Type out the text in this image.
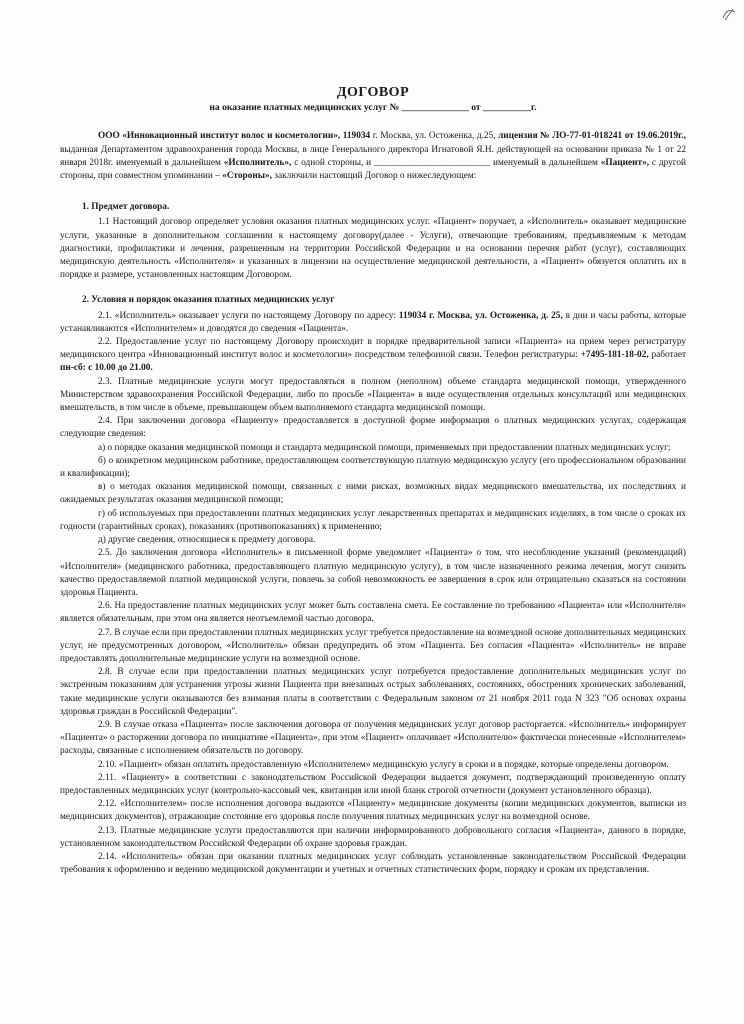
ДОГОВОР
на оказание платных медицинских услуг № ______________ от __________г.

ООО «Инновационный институт волос и косметологии», 119034 г. Москва, ул. Остоженка, д.25, лицензия № ЛО-77-01-018241 от 19.06.2019г., выданная Департаментом здравоохранения города Москвы, в лице Генерального директора Игнатовой Я.Н. действующей на основании приказа № 1 от 22 января 2018г. именуемый в дальнейшем «Исполнитель», с одной стороны, и _________________________ именуемый в дальнейшем «Пациент», с другой стороны, при совместном упоминании – «Стороны», заключили настоящий Договор о нижеследующем:

1. Предмет договора.

1.1 Настоящий договор определяет условия оказания платных медицинских услуг. «Пациент» поручает, а «Исполнитель» оказывает медицинские услуги, указанные в дополнительном соглашении к настоящему договору(далее - Услуги), отвечающие требованиям, предъявляемым к методам диагностики, профилактики и лечения, разрешенным на территории Российской Федерации и на основании перечня работ (услуг), составляющих медицинскую деятельность «Исполнителя» и указанных в лицензии на осуществление медицинской деятельности, а «Пациент» обязуется оплатить их в порядке и размере, установленных настоящим Договором.

2. Условия и порядок оказания платных медицинских услуг

2.1. «Исполнитель» оказывает услуги по настоящему Договору по адресу: 119034 г. Москва, ул. Остоженка, д. 25, в дни и часы работы, которые устанавливаются «Исполнителем» и доводятся до сведения «Пациента».

2.2. Предоставление услуг по настоящему Договору происходит в порядке предварительной записи «Пациента» на прием через регистратуру медицинского центра «Инновационный институт волос и косметологии» посредством телефонной связи. Телефон регистратуры: +7495-181-18-02, работает пн-сб: с 10.00 до 21.00.

2.3. Платные медицинские услуги могут предоставляться в полном (неполном) объеме стандарта медицинской помощи, утвержденного Министерством здравоохранения Российской Федерации, либо по просьбе «Пациента» в виде осуществления отдельных консультаций или медицинских вмешательств, в том числе в объеме, превышающем объем выполняемого стандарта медицинской помощи.

2.4. При заключении договора «Пациенту» предоставляется в доступной форме информация о платных медицинских услугах, содержащая следующие сведения:

а) о порядке оказания медицинской помощи и стандарта медицинской помощи, применяемых при предоставлении платных медицинских услуг;

б) о конкретном медицинском работнике, предоставляющем соответствующую платную медицинскую услугу (его профессиональном образовании и квалификации);

в) о методах оказания медицинской помощи, связанных с ними рисках, возможных видах медицинского вмешательства, их последствиях и ожидаемых результатах оказания медицинской помощи;

г) об используемых при предоставлении платных медицинских услуг лекарственных препаратах и медицинских изделиях, в том числе о сроках их годности (гарантийных сроках), показаниях (противопоказаниях) к применению;

д) другие сведения, относящиеся к предмету договора.

2.5. До заключения договора «Исполнитель» в письменной форме уведомляет «Пациента» о том, что несоблюдение указаний (рекомендаций) «Исполнителя» (медицинского работника, предоставляющего платную медицинскую услугу), в том числе назначенного режима лечения, могут снизить качество предоставляемой платной медицинской услуги, повлечь за собой невозможность ее завершения в срок или отрицательно сказаться на состоянии здоровья Пациента.

2.6. На предоставление платных медицинских услуг может быть составлена смета. Ее составление по требованию «Пациента» или «Исполнителя» является обязательным, при этом она является неотъемлемой частью договора.

2.7. В случае если при предоставлении платных медицинских услуг требуется предоставление на возмездной основе дополнительных медицинских услуг, не предусмотренных договором, «Исполнитель» обязан предупредить об этом «Пациента. Без согласия «Пациента» «Исполнитель» не вправе предоставлять дополнительные медицинские услуги на возмездной основе.

2.8. В случае если при предоставлении платных медицинских услуг потребуется предоставление дополнительных медицинских услуг по экстренным показаниям для устранения угрозы жизни Пациента при внезапных острых заболеваниях, состояниях, обострениях хронических заболеваний, такие медицинские услуги оказываются без взимания платы в соответствии с Федеральным законом от 21 ноября 2011 года N 323 "Об основах охраны здоровья граждан в Российской Федерации".

2.9. В случае отказа «Пациента» после заключения договора от получения медицинских услуг договор расторгается. «Исполнитель» информирует «Пациента» о расторжении договора по инициативе «Пациента», при этом «Пациент» оплачивает «Исполнителю» фактически понесенные «Исполнителем» расходы, связанные с исполнением обязательств по договору.

2.10. «Пациент» обязан оплатить предоставленную «Исполнителем» медицинскую услугу в сроки и в порядке, которые определены договором.

2.11. «Пациенту» в соответствии с законодательством Российской Федерации выдается документ, подтверждающий произведенную оплату предоставленных медицинских услуг (контрольно-кассовый чек, квитанция или иной бланк строгой отчетности (документ установленного образца).

2.12. «Исполнителем» после исполнения договора выдаются «Пациенту» медицинские документы (копии медицинских документов, выписки из медицинских документов), отражающие состояние его здоровья после получения платных медицинских услуг на возмездной основе.

2.13. Платные медицинские услуги предоставляются при наличии информированного добровольного согласия «Пациента», данного в порядке, установленном законодательством Российской Федерации об охране здоровья граждан.

2.14. «Исполнитель» обязан при оказании платных медицинских услуг соблюдать установленные законодательством Российской Федерации требования к оформлению и ведению медицинской документации и учетных и отчетных статистических форм, порядку и срокам их представления.
